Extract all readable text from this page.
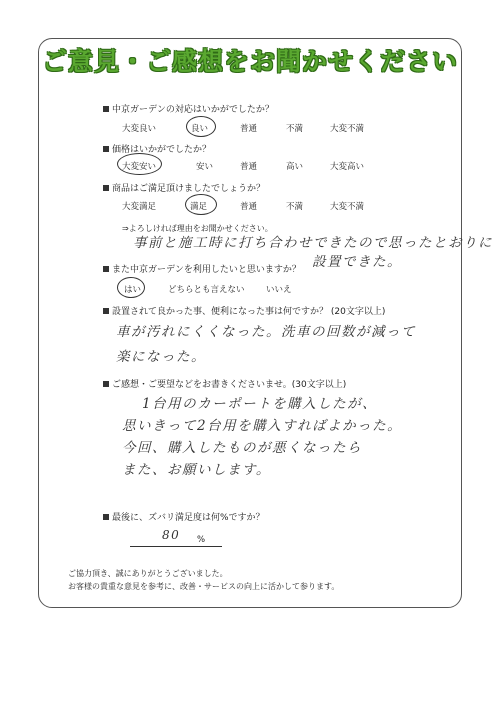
ご意見・ご感想をお聞かせください
中京ガーデンの対応はいかがでしたか？
大変良い	良い	普通	不満	大変不満
価格はいかがでしたか？
大変安い	安い	普通	高い	大変高い
商品はご満足頂けましたでしょうか？
大変満足	満足	普通	不満	大変不満
⇒よろしければ理由をお聞かせください。
事前と施工時に打ち合わせできたので思ったとおりに
設置できた。
また中京ガーデンを利用したいと思いますか？
はい	どちらとも言えない	いいえ
設置されて良かった事、便利になった事は何ですか？ (20文字以上)
車が汚れにくくなった。洗車の回数が減って
楽になった。
ご感想・ご要望などをお書きくださいませ。(30文字以上)
1台用のカーポートを購入したが、
思いきって2台用を購入すればよかった。
今回、購入したものが悪くなったら
また、お願いします。
最後に、ズバリ満足度は何%ですか？
80 %
ご協力頂き、誠にありがとうございました。
お客様の貴重な意見を参考に、改善・サービスの向上に活かして参ります。
